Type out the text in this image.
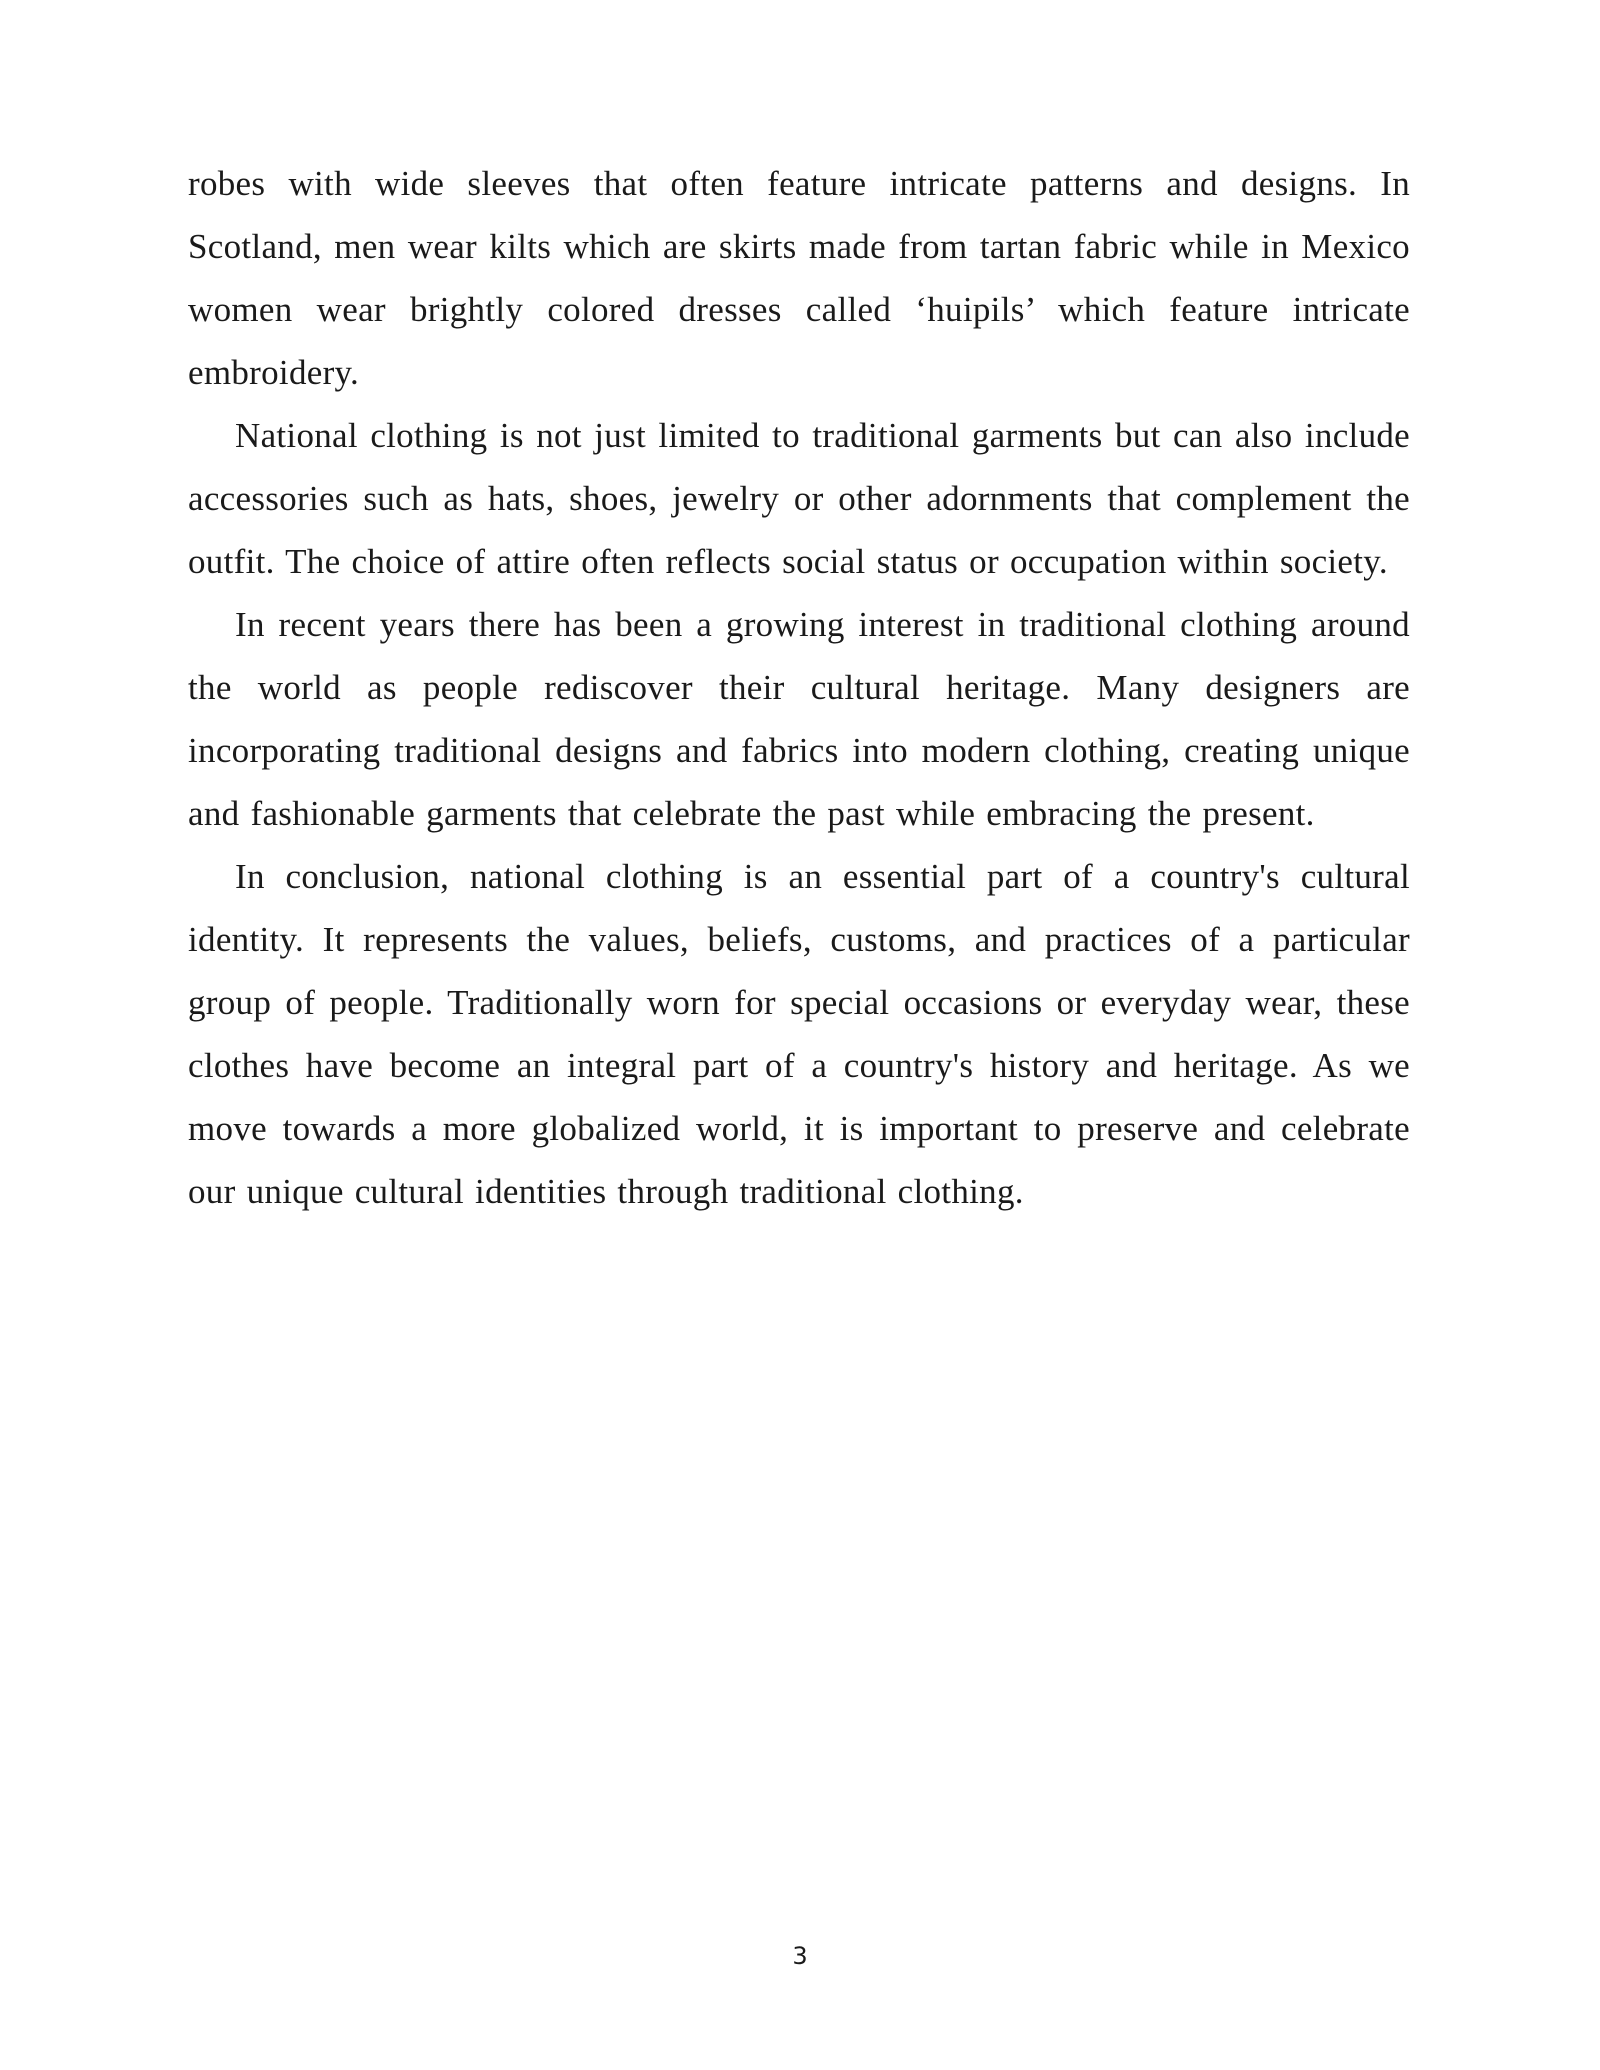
robes with wide sleeves that often feature intricate patterns and designs. In Scotland, men wear kilts which are skirts made from tartan fabric while in Mexico women wear brightly colored dresses called ‘huipils’ which feature intricate embroidery.

National clothing is not just limited to traditional garments but can also include accessories such as hats, shoes, jewelry or other adornments that complement the outfit. The choice of attire often reflects social status or occupation within society.

In recent years there has been a growing interest in traditional clothing around the world as people rediscover their cultural heritage. Many designers are incorporating traditional designs and fabrics into modern clothing, creating unique and fashionable garments that celebrate the past while embracing the present.

In conclusion, national clothing is an essential part of a country's cultural identity. It represents the values, beliefs, customs, and practices of a particular group of people. Traditionally worn for special occasions or everyday wear, these clothes have become an integral part of a country's history and heritage. As we move towards a more globalized world, it is important to preserve and celebrate our unique cultural identities through traditional clothing.

3
